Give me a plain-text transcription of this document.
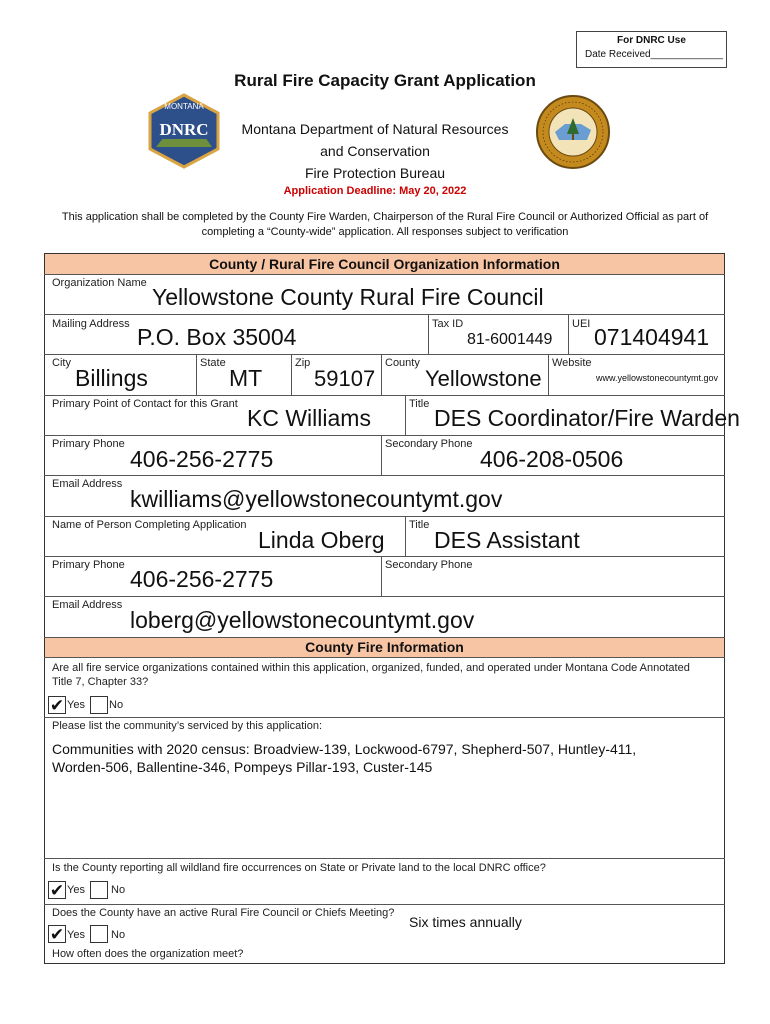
For DNRC Use
Date Received_____________
Rural Fire Capacity Grant Application
MONTANA
DNRC	Montana Department of Natural Resources
and Conservation
Fire Protection Bureau
Application Deadline: May 20, 2022
This application shall be completed by the County Fire Warden, Chairperson of the Rural Fire Council or Authorized Official as part of
completing a “County-wide” application. All responses subject to verification
County / Rural Fire Council Organization Information
Organization Name
Yellowstone County Rural Fire Council
Mailing Address P.O. Box 35004	Tax ID
81-6001449
UEI 071404941
City
Billings
State
MT
Zip
59107
County
Yellowstone
Website
www.yellowstonecountymt.gov
Primary Point of Contact for this Grant
KC Williams
Title
DES Coordinator/Fire Warden
Primary Phone
406-256-2775
Secondary Phone
406-208-0506
Email Address
kwilliams@yellowstonecountymt.gov
Name of Person Completing Application
Linda Oberg
Title
DES Assistant
Primary Phone
406-256-2775
Secondary Phone
Email Address
loberg@yellowstonecountymt.gov
County Fire Information
Are all fire service organizations contained within this application, organized, funded, and operated under Montana Code Annotated
Title 7, Chapter 33?
✔ Yes No
Please list the community’s serviced by this application:
Communities with 2020 census: Broadview-139, Lockwood-6797, Shepherd-507, Huntley-411,
Worden-506, Ballentine-346, Pompeys Pillar-193, Custer-145
Is the County reporting all wildland fire occurrences on State or Private land to the local DNRC office?
✔ Yes No
Does the County have an active Rural Fire Council or Chiefs Meeting?
Six times annually
✔ Yes No
How often does the organization meet?
